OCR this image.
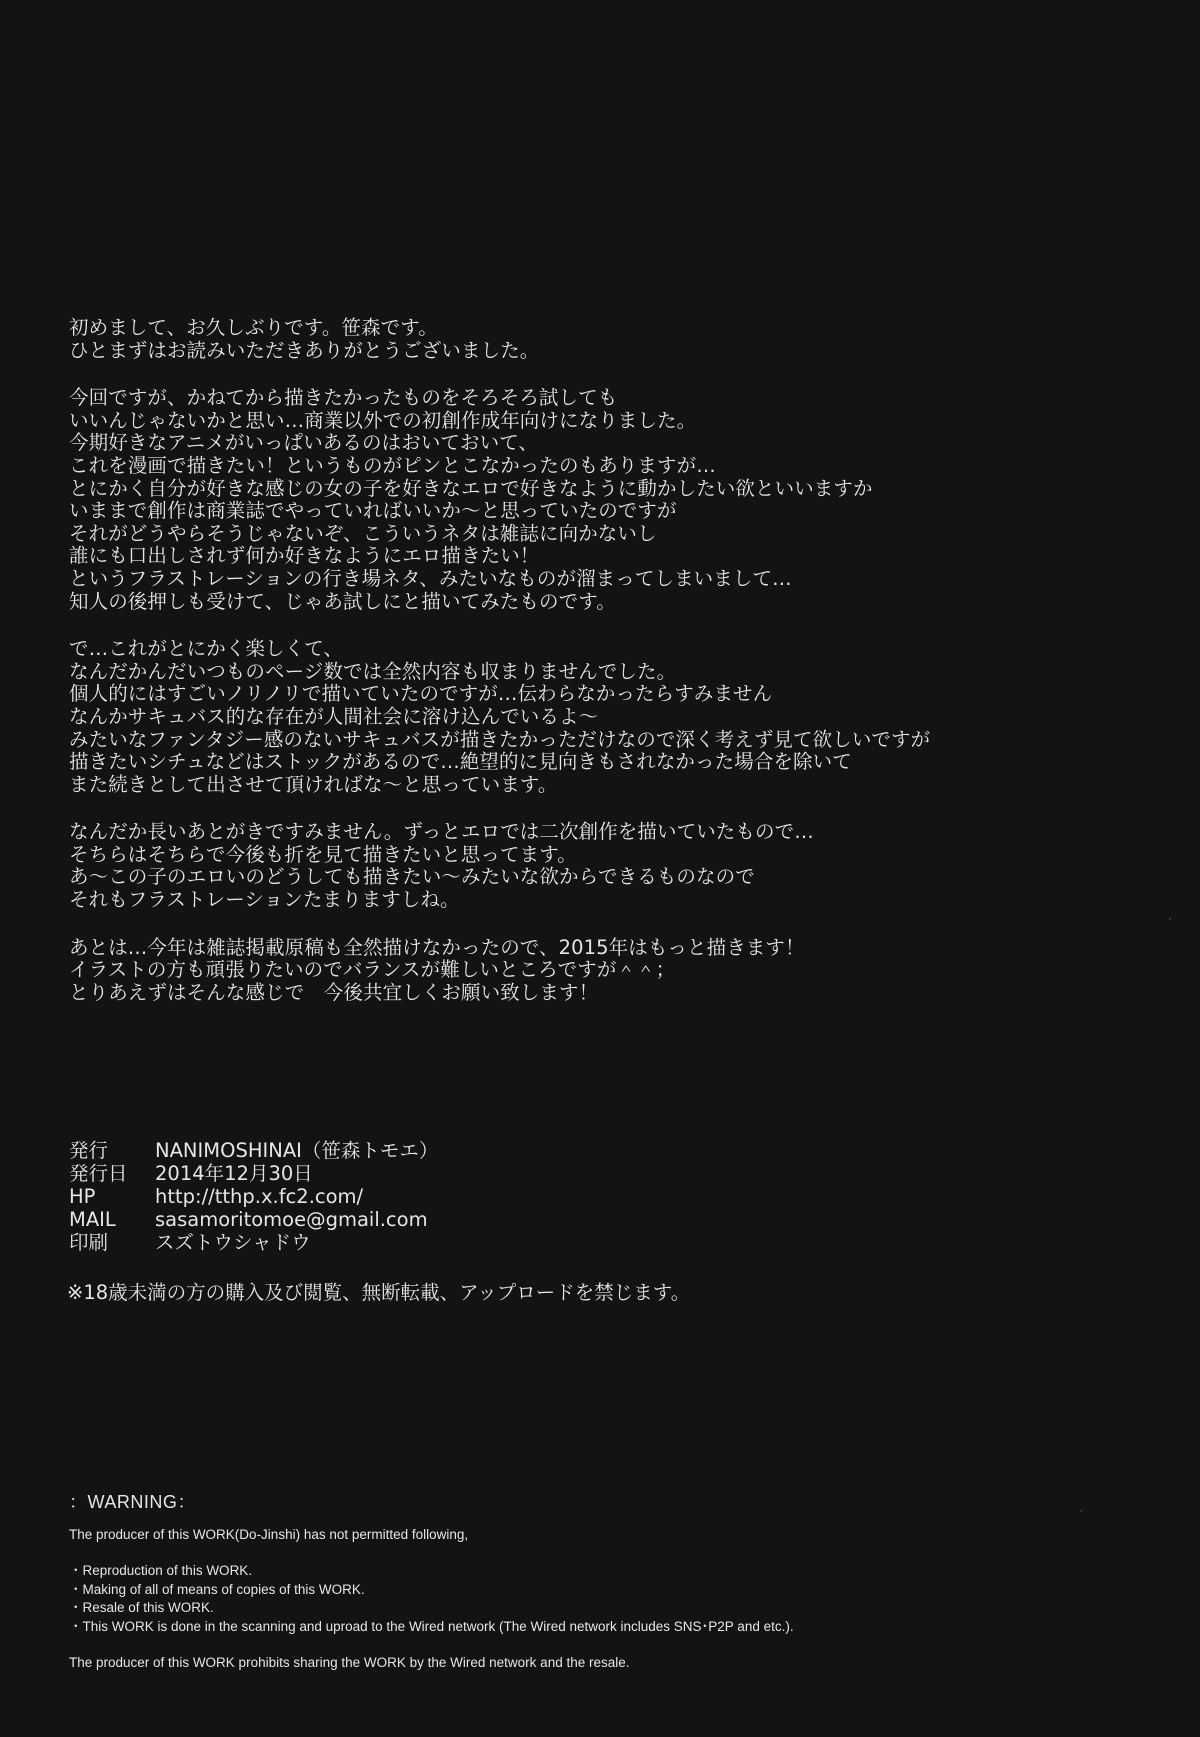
初めまして、お久しぶりです。笹森です。
ひとまずはお読みいただきありがとうございました。
今回ですが、かねてから描きたかったものをそろそろ試しても
いいんじゃないかと思い…商業以外での初創作成年向けになりました。
今期好きなアニメがいっぱいあるのはおいておいて、
これを漫画で描きたい！というものがピンとこなかったのもありますが…
とにかく自分が好きな感じの女の子を好きなエロで好きなように動かしたい欲といいますか
いままで創作は商業誌でやっていればいいか〜と思っていたのですが
それがどうやらそうじゃないぞ、こういうネタは雑誌に向かないし
誰にも口出しされず何か好きなようにエロ描きたい！
というフラストレーションの行き場ネタ、みたいなものが溜まってしまいまして…
知人の後押しも受けて、じゃあ試しにと描いてみたものです。
で…これがとにかく楽しくて、
なんだかんだいつものページ数では全然内容も収まりませんでした。
個人的にはすごいノリノリで描いていたのですが…伝わらなかったらすみません
なんかサキュバス的な存在が人間社会に溶け込んでいるよ〜
みたいなファンタジー感のないサキュバスが描きたかっただけなので深く考えず見て欲しいですが
描きたいシチュなどはストックがあるので…絶望的に見向きもされなかった場合を除いて
また続きとして出させて頂ければな〜と思っています。
なんだか長いあとがきですみません。ずっとエロでは二次創作を描いていたもので…
そちらはそちらで今後も折を見て描きたいと思ってます。
あ〜この子のエロいのどうしても描きたい〜みたいな欲からできるものなので
それもフラストレーションたまりますしね。
あとは…今年は雑誌掲載原稿も全然描けなかったので、2015年はもっと描きます！
イラストの方も頑張りたいのでバランスが難しいところですが＾＾；
とりあえずはそんな感じで　今後共宜しくお願い致します！
発行	NANIMOSHINAI（笹森トモエ）
発行日	2014年12月30日
HP	http://tthp.x.fc2.com/
MAIL	sasamoritomoe@gmail.com
印刷	スズトウシャドウ
※18歳未満の方の購入及び閲覧、無断転載、アップロードを禁じます。
：WARNING：
The producer of this WORK(Do-Jinshi) has not permitted following,
・Reproduction of this WORK.
・Making of all of means of copies of this WORK.
・Resale of this WORK.
・This WORK is done in the scanning and uproad to the Wired network (The Wired network includes SNS･P2P and etc.).
The producer of this WORK prohibits sharing the WORK by the Wired network and the resale.
